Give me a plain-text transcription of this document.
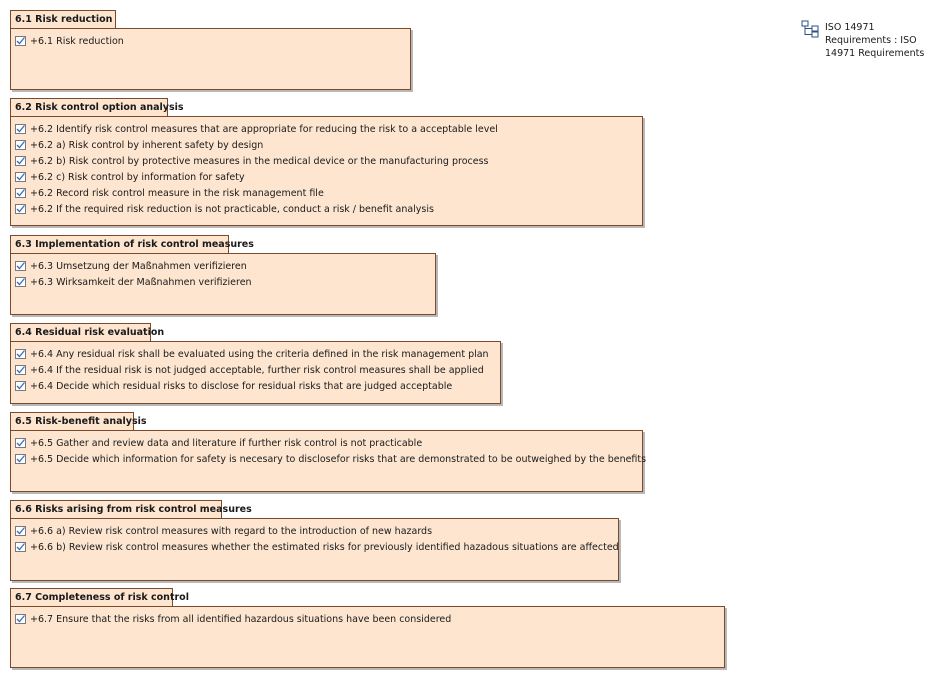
6.1 Risk reduction
+ 6.1 Risk reduction
6.2 Risk control option analysis
+ 6.2 Identify risk control measures that are appropriate for reducing the risk to a acceptable level
+ 6.2 a) Risk control by inherent safety by design
+ 6.2 b) Risk control by protective measures in the medical device or the manufacturing process
+ 6.2 c) Risk control by information for safety
+ 6.2 Record risk control measure in the risk management file
+ 6.2 If the required risk reduction is not practicable, conduct a risk / benefit analysis
6.3 Implementation of risk control measures
+ 6.3 Umsetzung der Maßnahmen verifizieren
+ 6.3 Wirksamkeit der Maßnahmen verifizieren
6.4 Residual risk evaluation
+ 6.4 Any residual risk shall be evaluated using the criteria defined in the risk management plan
+ 6.4 If the residual risk is not judged acceptable, further risk control measures shall be applied
+ 6.4 Decide which residual risks to disclose for residual risks that are judged acceptable
6.5 Risk-benefit analysis
+ 6.5 Gather and review data and literature if further risk control is not practicable
+ 6.5 Decide which information for safety is necesary to disclosefor risks that are demonstrated to be outweighed by the benefits
6.6 Risks arising from risk control measures
+ 6.6 a) Review risk control measures with regard to the introduction of new hazards
+ 6.6 b) Review risk control measures whether the estimated risks for previously identified hazadous situations are affected
6.7 Completeness of risk control
+ 6.7 Ensure that the risks from all identified hazardous situations have been considered
ISO 14971
Requirements : ISO
14971 Requirements
